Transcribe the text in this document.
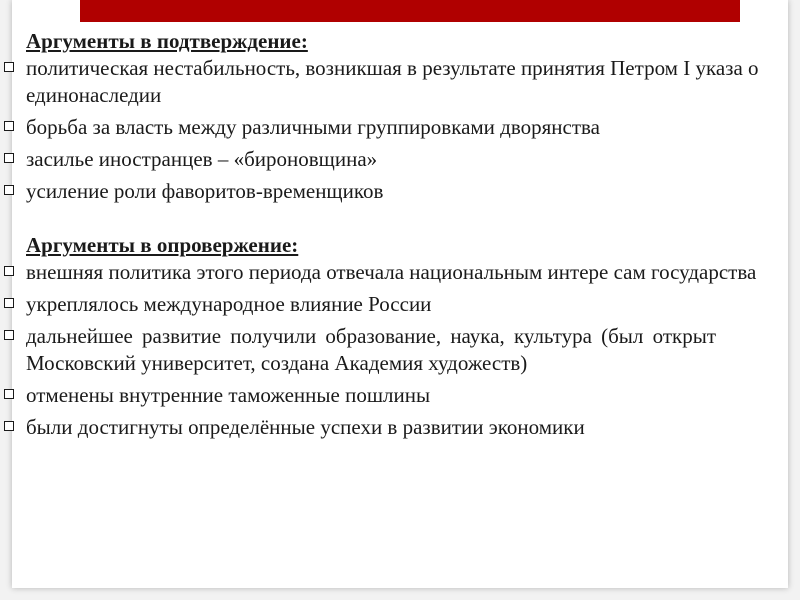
Аргументы в подтверждение:

политическая нестабильность, возникшая в результате принятия Петром I указа о единонаследии
борьба за власть между различными группировками дворянства
засилье иностранцев – «бироновщина»
усиление роли фаворитов-временщиков

Аргументы в опровержение:

внешняя политика этого периода отвечала национальным интере сам государства
укреплялось международное влияние России
дальнейшее развитие получили образование, наука, культура (был открыт Московский университет, создана Академия художеств)
отменены внутренние таможенные пошлины
были достигнуты определённые успехи в развитии экономики
